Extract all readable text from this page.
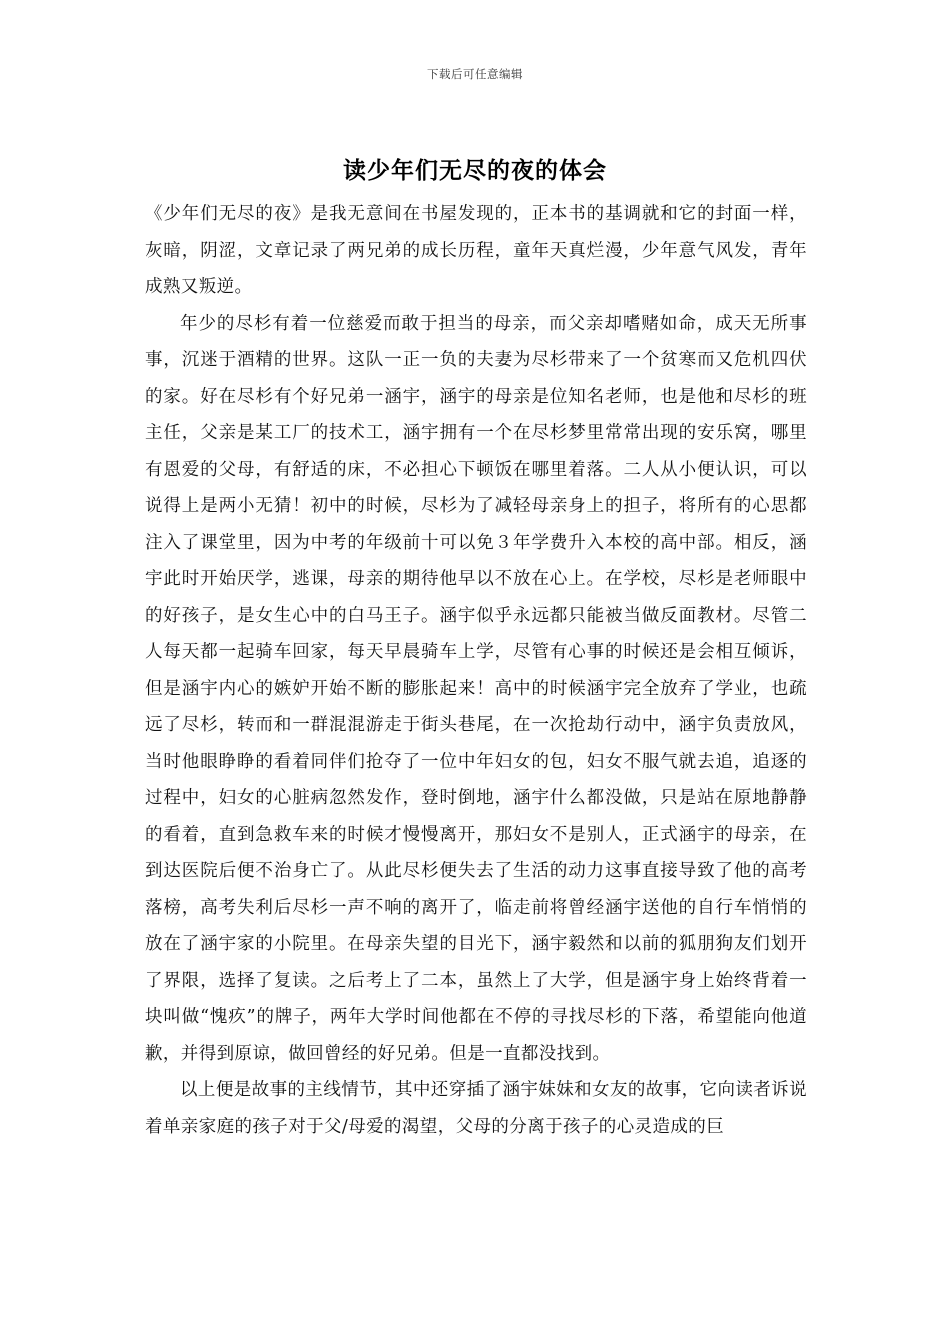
下载后可任意编辑
读少年们无尽的夜的体会

《少年们无尽的夜》是我无意间在书屋发现的，正本书的基调就和它的封面一样，灰暗，阴涩，文章记录了两兄弟的成长历程，童年天真烂漫，少年意气风发，青年成熟又叛逆。

年少的尽杉有着一位慈爱而敢于担当的母亲，而父亲却嗜赌如命，成天无所事事，沉迷于酒精的世界。这队一正一负的夫妻为尽杉带来了一个贫寒而又危机四伏的家。好在尽杉有个好兄弟一涵宇，涵宇的母亲是位知名老师，也是他和尽杉的班主任，父亲是某工厂的技术工，涵宇拥有一个在尽杉梦里常常出现的安乐窝，哪里有恩爱的父母，有舒适的床，不必担心下顿饭在哪里着落。二人从小便认识，可以说得上是两小无猜！初中的时候，尽杉为了减轻母亲身上的担子，将所有的心思都注入了课堂里，因为中考的年级前十可以免３年学费升入本校的高中部。相反，涵宇此时开始厌学，逃课，母亲的期待他早以不放在心上。在学校，尽杉是老师眼中的好孩子，是女生心中的白马王子。涵宇似乎永远都只能被当做反面教材。尽管二人每天都一起骑车回家，每天早晨骑车上学，尽管有心事的时候还是会相互倾诉，但是涵宇内心的嫉妒开始不断的膨胀起来！高中的时候涵宇完全放弃了学业，也疏远了尽杉，转而和一群混混游走于街头巷尾，在一次抢劫行动中，涵宇负责放风，当时他眼睁睁的看着同伴们抢夺了一位中年妇女的包，妇女不服气就去追，追逐的过程中，妇女的心脏病忽然发作，登时倒地，涵宇什么都没做，只是站在原地静静的看着，直到急救车来的时候才慢慢离开，那妇女不是别人，正式涵宇的母亲，在到达医院后便不治身亡了。从此尽杉便失去了生活的动力这事直接导致了他的高考落榜，高考失利后尽杉一声不响的离开了，临走前将曾经涵宇送他的自行车悄悄的放在了涵宇家的小院里。在母亲失望的目光下，涵宇毅然和以前的狐朋狗友们划开了界限，选择了复读。之后考上了二本，虽然上了大学，但是涵宇身上始终背着一块叫做“愧疚”的牌子，两年大学时间他都在不停的寻找尽杉的下落，希望能向他道歉，并得到原谅，做回曾经的好兄弟。但是一直都没找到。

以上便是故事的主线情节，其中还穿插了涵宇妹妹和女友的故事，它向读者诉说着单亲家庭的孩子对于父/母爱的渴望，父母的分离于孩子的心灵造成的巨
